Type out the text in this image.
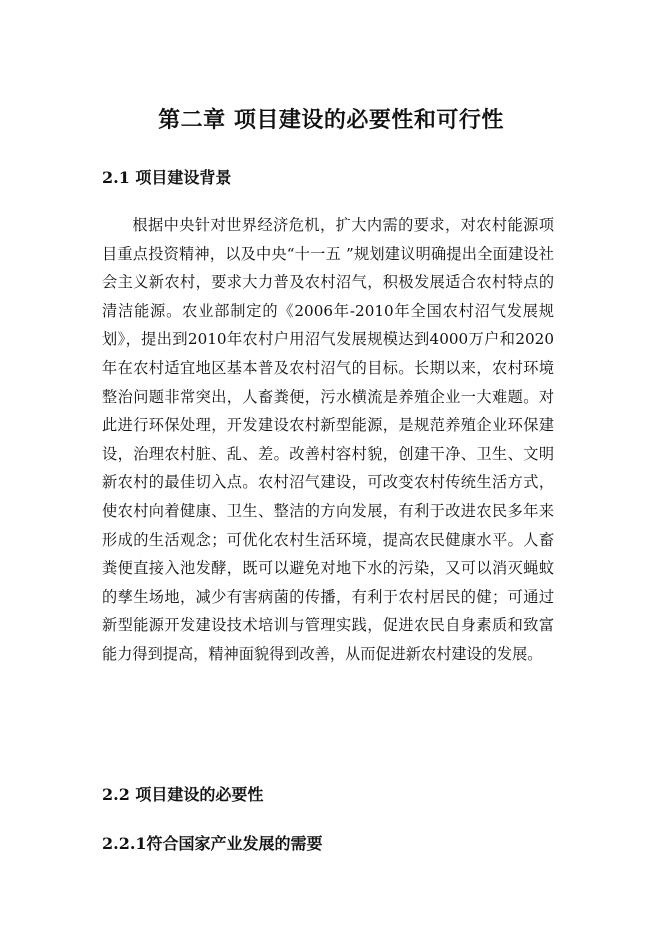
第二章 项目建设的必要性和可行性
2.1 项目建设背景

根据中央针对世界经济危机，扩大内需的要求，对农村能源项目重点投资精神，以及中央“十一五 ”规划建议明确提出全面建设社会主义新农村，要求大力普及农村沼气，积极发展适合农村特点的清洁能源。农业部制定的《2006年-2010年全国农村沼气发展规划》，提出到2010年农村户用沼气发展规模达到4000万户和2020年在农村适宜地区基本普及农村沼气的目标。长期以来，农村环境整治问题非常突出，人畜粪便，污水横流是养殖企业一大难题。对此进行环保处理，开发建设农村新型能源，是规范养殖企业环保建设，治理农村脏、乱、差。改善村容村貌，创建干净、卫生、文明新农村的最佳切入点。农村沼气建设，可改变农村传统生活方式，使农村向着健康、卫生、整洁的方向发展，有利于改进农民多年来形成的生活观念；可优化农村生活环境，提高农民健康水平。人畜粪便直接入池发酵，既可以避免对地下水的污染，又可以消灭蝇蚊的孳生场地，减少有害病菌的传播，有利于农村居民的健；可通过新型能源开发建设技术培训与管理实践，促进农民自身素质和致富能力得到提高，精神面貌得到改善，从而促进新农村建设的发展。

2.2 项目建设的必要性
2.2.1符合国家产业发展的需要
